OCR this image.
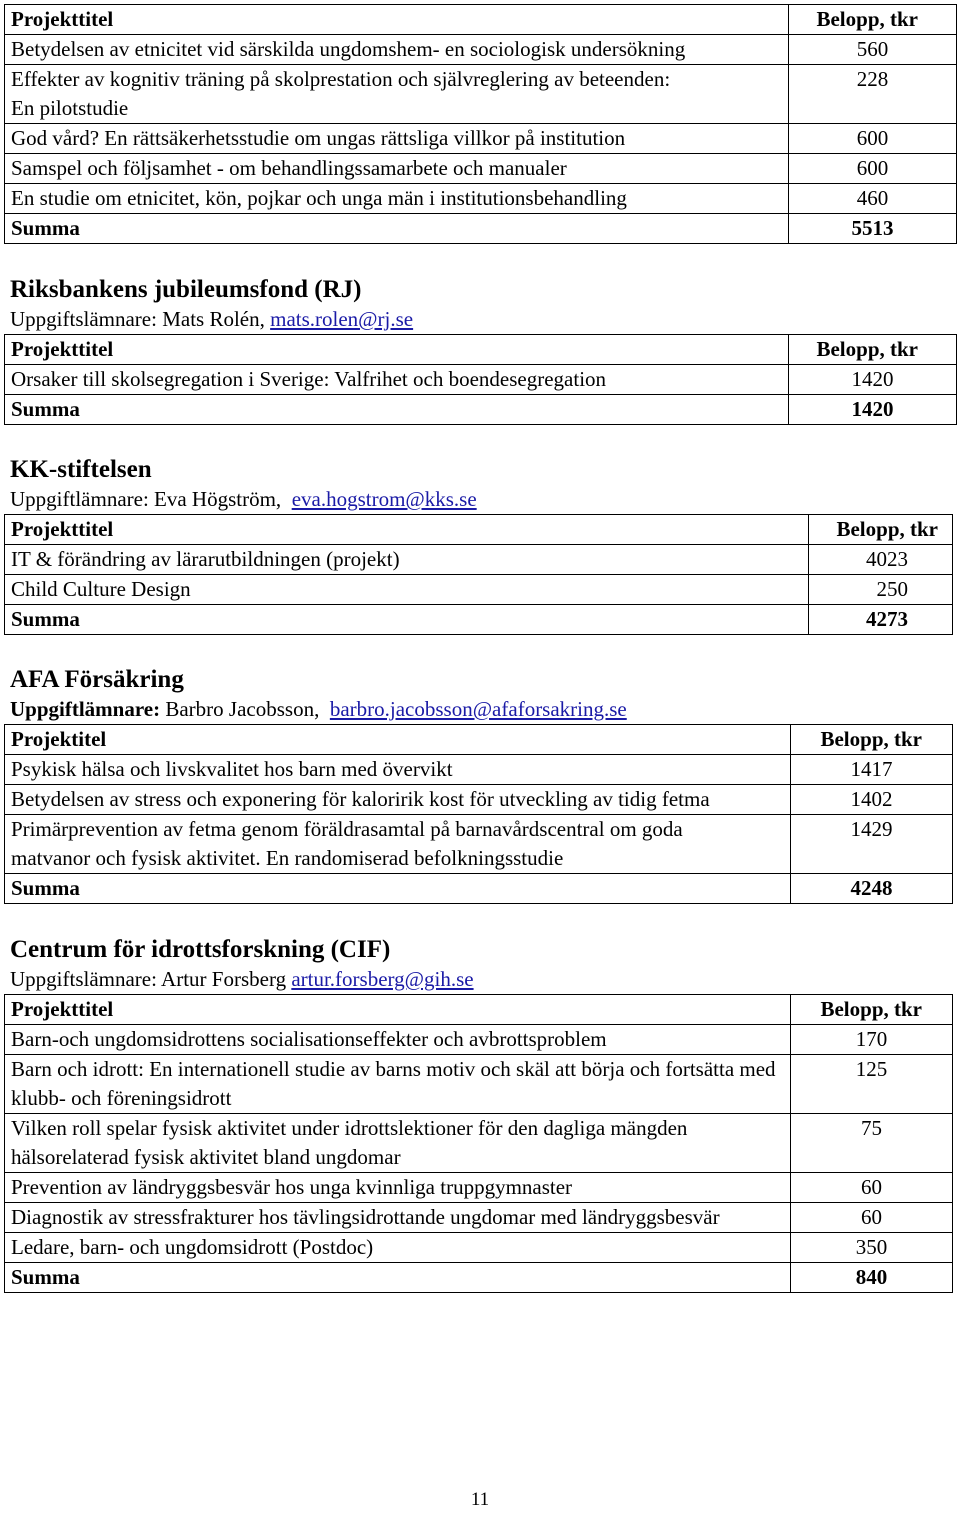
Projekttitel	Belopp, tkr
Betydelsen av etnicitet vid särskilda ungdomshem- en sociologisk undersökning	560
Effekter av kognitiv träning på skolprestation och självreglering av beteenden: En pilotstudie	228
God vård? En rättsäkerhetsstudie om ungas rättsliga villkor på institution	600
Samspel och följsamhet - om behandlingssamarbete och manualer	600
En studie om etnicitet, kön, pojkar och unga män i institutionsbehandling	460
Summa	5513
Riksbankens jubileumsfond (RJ)
Uppgiftslämnare: Mats Rolén, mats.rolen@rj.se
Projekttitel	Belopp, tkr
Orsaker till skolsegregation i Sverige: Valfrihet och boendesegregation	1420
Summa	1420
KK-stiftelsen
Uppgiftlämnare: Eva Högström, eva.hogstrom@kks.se
Projekttitel	Belopp, tkr
IT & förändring av lärarutbildningen (projekt)	4023
Child Culture Design	250
Summa	4273
AFA Försäkring
Uppgiftlämnare: Barbro Jacobsson, barbro.jacobsson@afaforsakring.se
Projektitel	Belopp, tkr
Psykisk hälsa och livskvalitet hos barn med övervikt	1417
Betydelsen av stress och exponering för kaloririk kost för utveckling av tidig fetma	1402
Primärprevention av fetma genom föräldrasamtal på barnavårdscentral om goda matvanor och fysisk aktivitet. En randomiserad befolkningsstudie	1429
Summa	4248
Centrum för idrottsforskning (CIF)
Uppgiftslämnare: Artur Forsberg artur.forsberg@gih.se
Projekttitel	Belopp, tkr
Barn-och ungdomsidrottens socialisationseffekter och avbrottsproblem	170
Barn och idrott: En internationell studie av barns motiv och skäl att börja och fortsätta med klubb- och föreningsidrott	125
Vilken roll spelar fysisk aktivitet under idrottslektioner för den dagliga mängden hälsorelaterad fysisk aktivitet bland ungdomar	75
Prevention av ländryggsbesvär hos unga kvinnliga truppgymnaster	60
Diagnostik av stressfrakturer hos tävlingsidrottande ungdomar med ländryggsbesvär	60
Ledare, barn- och ungdomsidrott (Postdoc)	350
Summa	840
11
